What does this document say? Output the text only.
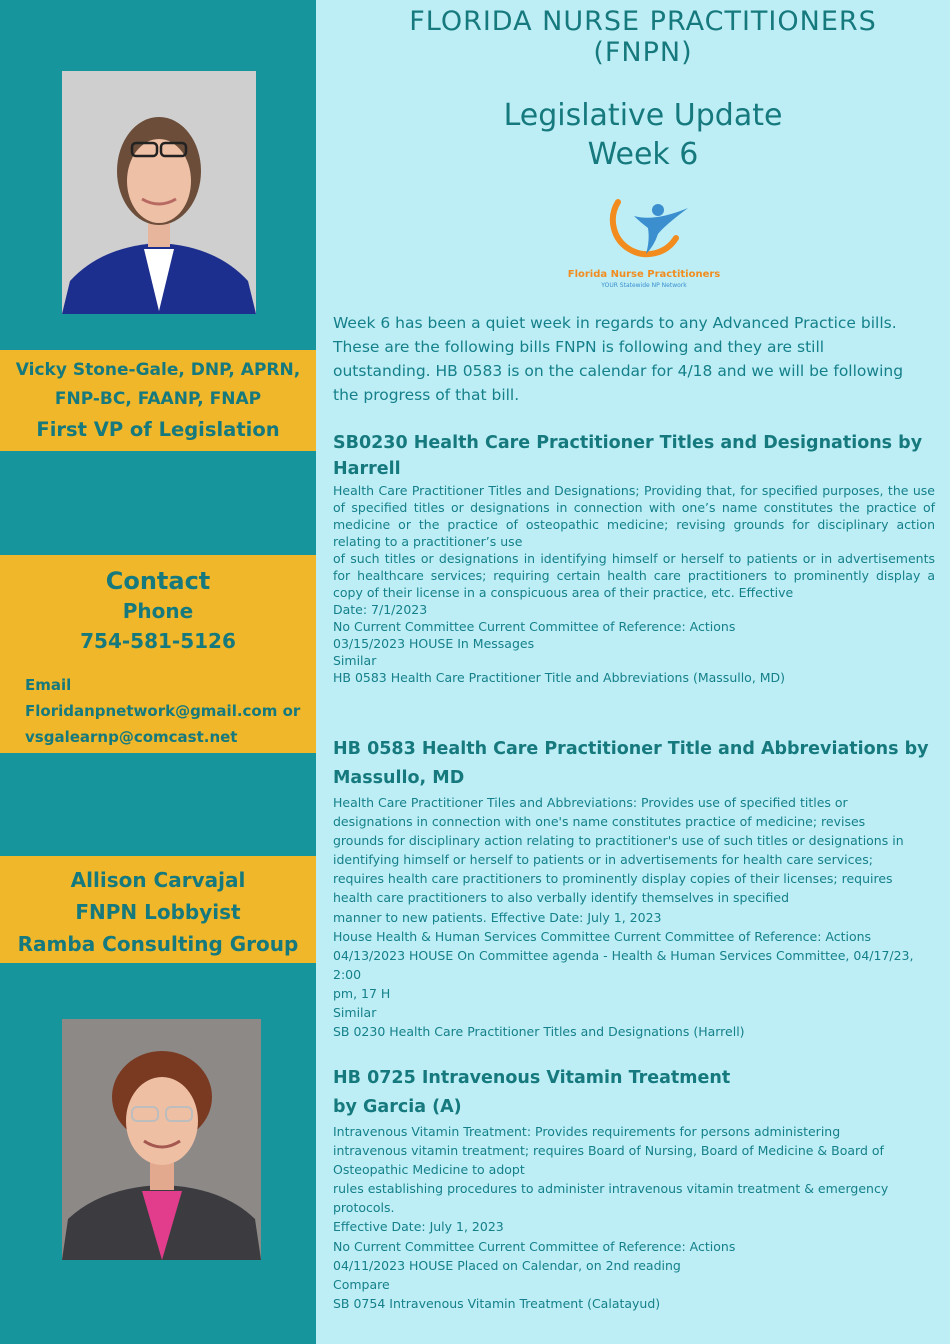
Vicky Stone-Gale, DNP, APRN,
FNP-BC, FAANP, FNAP
First VP of Legislation
Contact
Phone
754-581-5126
Email
Floridanpnetwork@gmail.com or
vsgalearnp@comcast.net
Allison Carvajal
FNPN Lobbyist
Ramba Consulting Group
FLORIDA NURSE PRACTITIONERS
(FNPN)
Legislative Update
Week 6
Florida Nurse Practitioners
YOUR Statewide NP Network
Week 6 has been a quiet week in regards to any Advanced Practice bills.
These are the following bills FNPN is following and they are still
outstanding. HB 0583 is on the calendar for 4/18 and we will be following
the progress of that bill.
SB0230 Health Care Practitioner Titles and Designations by
Harrell
Health Care Practitioner Titles and Designations; Providing that, for specified purposes, the use of specified titles or designations in connection with one’s name constitutes the practice of medicine or the practice of osteopathic medicine; revising grounds for disciplinary action relating to a practitioner’s use
of such titles or designations in identifying himself or herself to patients or in advertisements for healthcare services; requiring certain health care practitioners to prominently display a copy of their license in a conspicuous area of their practice, etc. Effective
Date: 7/1/2023
No Current Committee Current Committee of Reference: Actions
03/15/2023 HOUSE In Messages
Similar
HB 0583 Health Care Practitioner Title and Abbreviations (Massullo, MD)
HB 0583 Health Care Practitioner Title and Abbreviations by
Massullo, MD
Health Care Practitioner Tiles and Abbreviations: Provides use of specified titles or
designations in connection with one's name constitutes practice of medicine; revises
grounds for disciplinary action relating to practitioner's use of such titles or designations in
identifying himself or herself to patients or in advertisements for health care services;
requires health care practitioners to prominently display copies of their licenses; requires
health care practitioners to also verbally identify themselves in specified
manner to new patients. Effective Date: July 1, 2023
House Health & Human Services Committee Current Committee of Reference: Actions
04/13/2023 HOUSE On Committee agenda - Health & Human Services Committee, 04/17/23,
2:00
pm, 17 H
Similar
SB 0230 Health Care Practitioner Titles and Designations (Harrell)
HB 0725 Intravenous Vitamin Treatment
by Garcia (A)
Intravenous Vitamin Treatment: Provides requirements for persons administering
intravenous vitamin treatment; requires Board of Nursing, Board of Medicine & Board of
Osteopathic Medicine to adopt
rules establishing procedures to administer intravenous vitamin treatment & emergency
protocols.
Effective Date: July 1, 2023
No Current Committee Current Committee of Reference: Actions
04/11/2023 HOUSE Placed on Calendar, on 2nd reading
Compare
SB 0754 Intravenous Vitamin Treatment (Calatayud)
